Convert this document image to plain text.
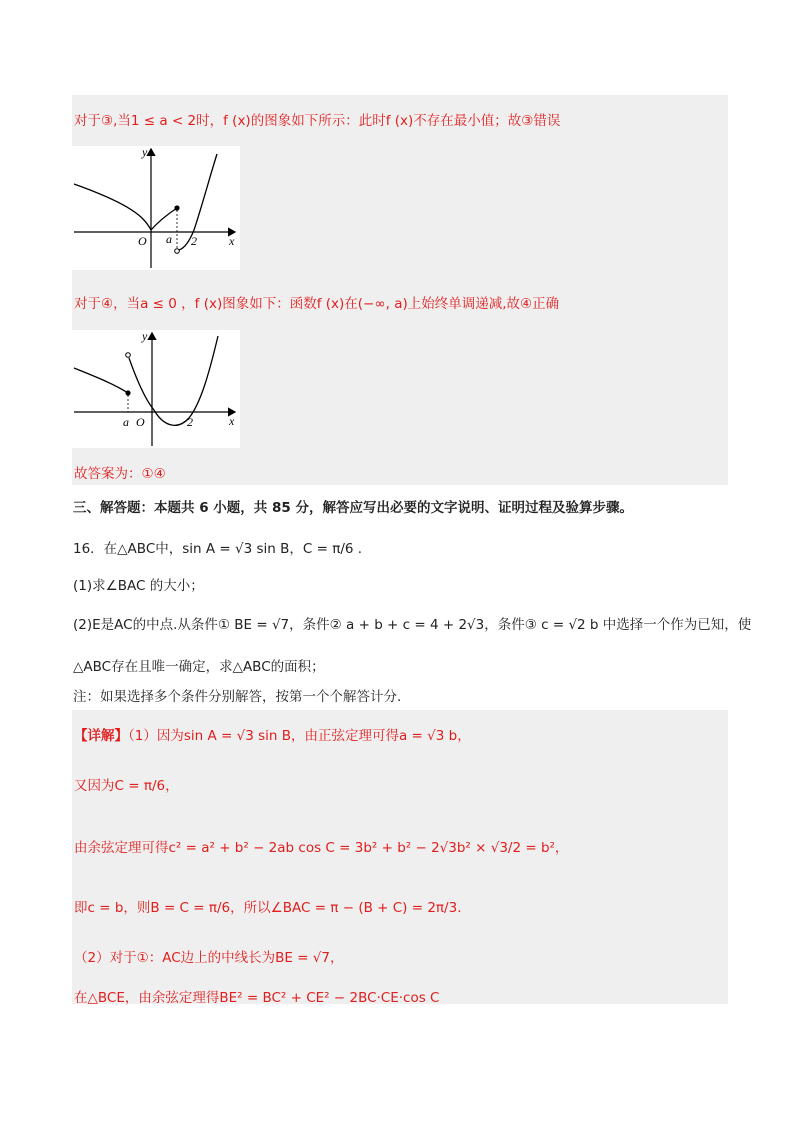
对于③,当1 ≤ a < 2时，f (x)的图象如下所示：此时f (x)不存在最小值；故③错误
y
x
O a 2
对于④，当a ≤ 0 ，f (x)图象如下：函数f (x)在(−∞, a)上始终单调递减,故④正确
y
x
a O	2
故答案为：①④
三、解答题：本题共 6 小题，共 85 分，解答应写出必要的文字说明、证明过程及验算步骤。
16．在△ABC中，sin A = √3 sin B，C = π/6 .
(1)求∠BAC 的大小；
(2)E是AC的中点.从条件① BE = √7，条件② a + b + c = 4 + 2√3，条件③ c = √2 b 中选择一个作为已知，使
△ABC存在且唯一确定，求△ABC的面积；
注：如果选择多个条件分别解答，按第一个个解答计分.
【详解】（1）因为sin A = √3 sin B，由正弦定理可得a = √3 b，
又因为C = π/6，
由余弦定理可得c² = a² + b² − 2ab cos C = 3b² + b² − 2√3b² × √3/2 = b²，
即c = b，则B = C = π/6，所以∠BAC = π − (B + C) = 2π/3.
（2）对于①：AC边上的中线长为BE = √7，
在△BCE，由余弦定理得BE² = BC² + CE² − 2BC·CE·cos C
